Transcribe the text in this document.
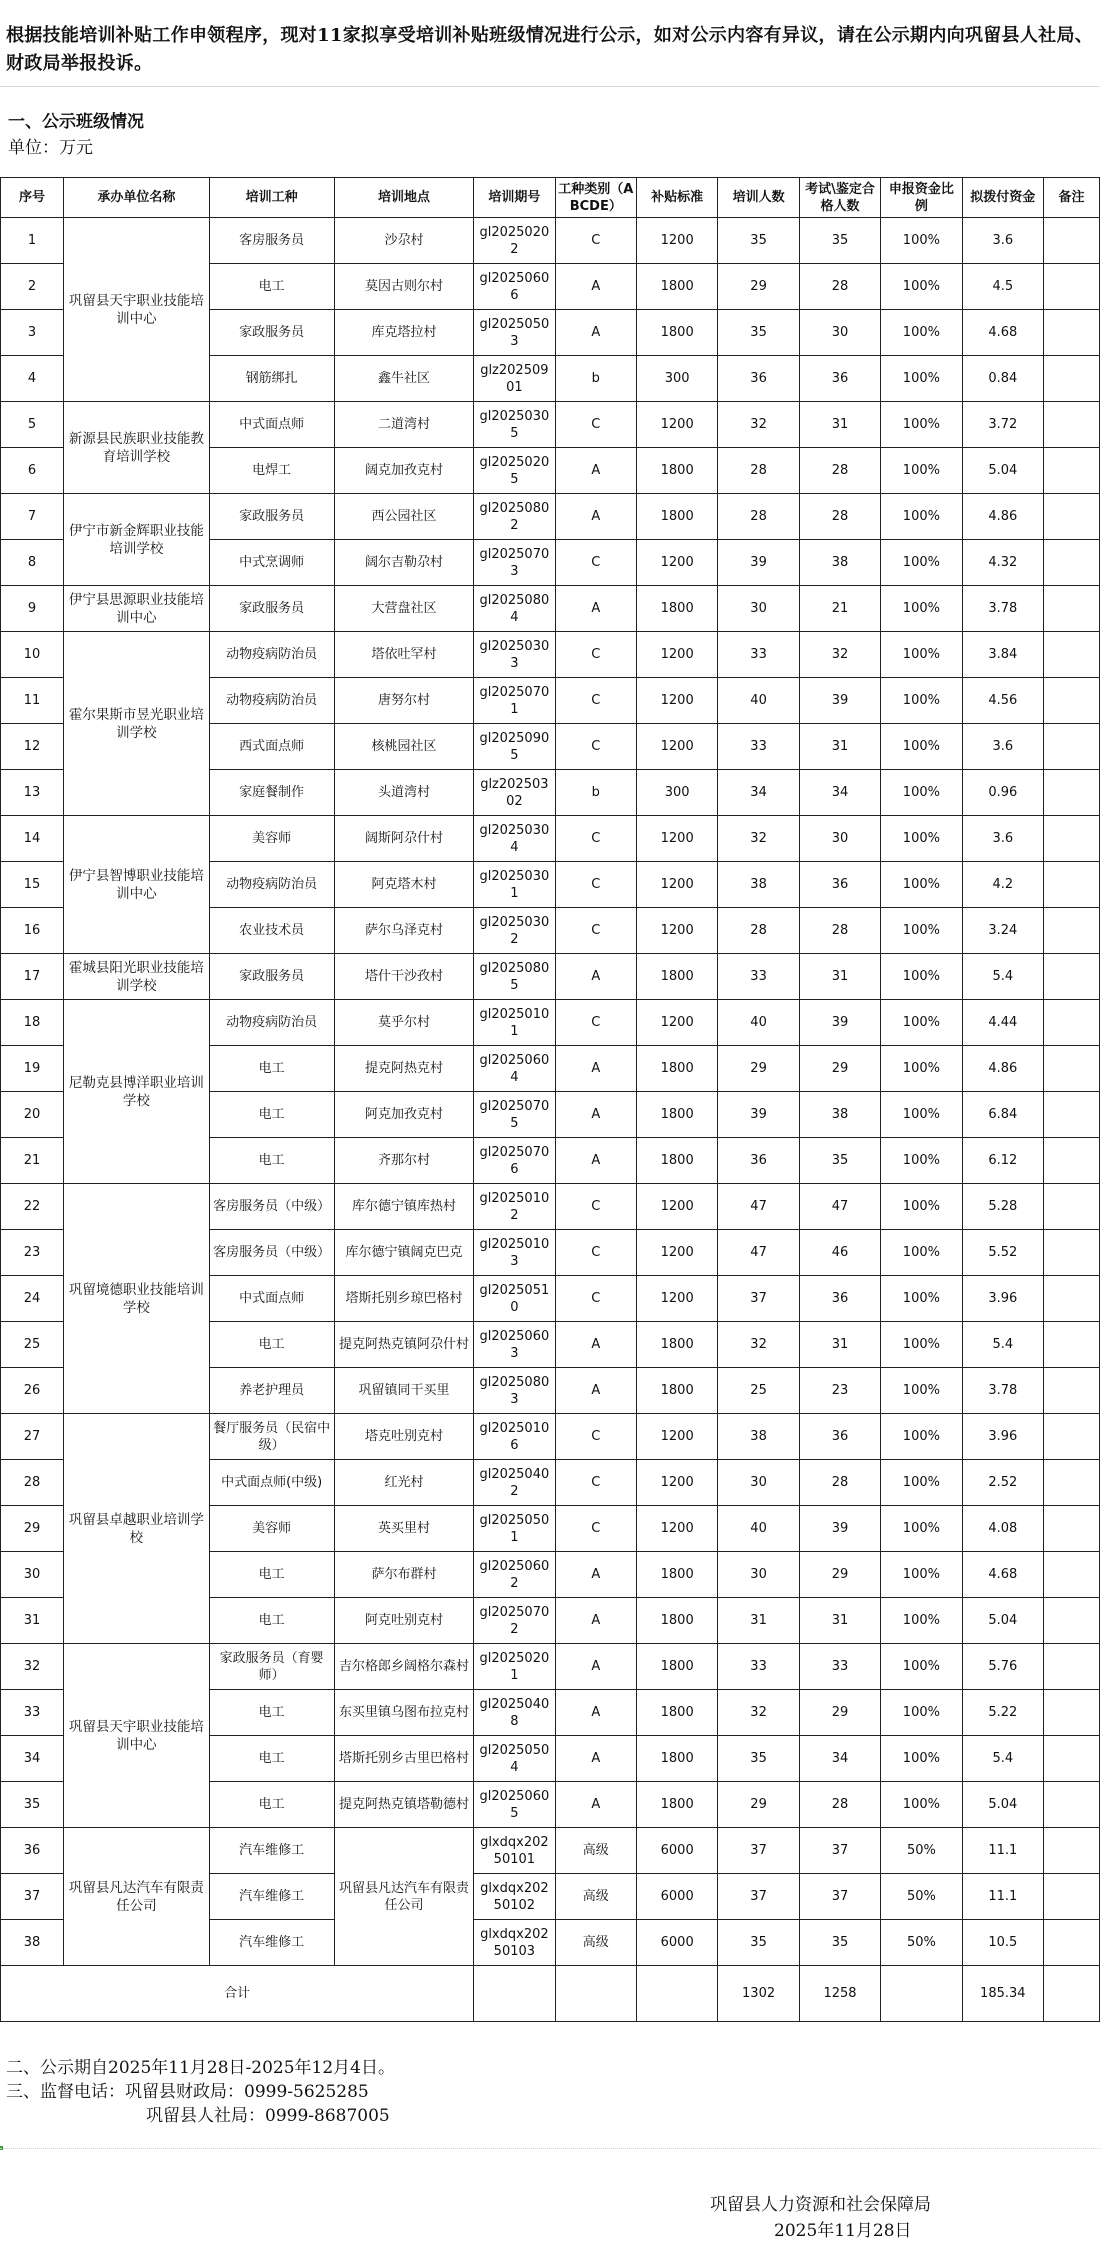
根据技能培训补贴工作申领程序，现对11家拟享受培训补贴班级情况进行公示，如对公示内容有异议，请在公示期内向巩留县人社局、财政局举报投诉。
一、公示班级情况
单位：万元
序号	承办单位名称	培训工种	培训地点	培训期号	工种类别（ABCDE）	补贴标准	培训人数	考试\鉴定合格人数	申报资金比例	拟拨付资金	备注
1	巩留县天宇职业技能培训中心	客房服务员	沙尕村	gl20250202	C	1200	35	35	100%	3.6	
2		电工	莫因古则尔村	gl20250606	A	1800	29	28	100%	4.5	
3		家政服务员	库克塔拉村	gl20250503	A	1800	35	30	100%	4.68	
4		钢筋绑扎	鑫牛社区	glz2025090​1	b	300	36	36	100%	0.84	
5	新源县民族职业技能教育培训学校	中式面点师	二道湾村	gl20250305	C	1200	32	31	100%	3.72	
6		电焊工	阔克加孜克村	gl20250205	A	1800	28	28	100%	5.04	
7	伊宁市新金辉职业技能培训学校	家政服务员	西公园社区	gl20250802	A	1800	28	28	100%	4.86	
8		中式烹调师	阔尔吉勒尕村	gl20250703	C	1200	39	38	100%	4.32	
9	伊宁县思源职业技能培训中心	家政服务员	大营盘社区	gl20250804	A	1800	30	21	100%	3.78	
10	霍尔果斯市昱光职业培训学校	动物疫病防治员	塔依吐罕村	gl20250303	C	1200	33	32	100%	3.84	
11		动物疫病防治员	唐努尔村	gl20250701	C	1200	40	39	100%	4.56	
12		西式面点师	核桃园社区	gl20250905	C	1200	33	31	100%	3.6	
13		家庭餐制作	头道湾村	glz2025030​2	b	300	34	34	100%	0.96	
14	伊宁县智博职业技能培训中心	美容师	阔斯阿尕什村	gl20250304	C	1200	32	30	100%	3.6	
15		动物疫病防治员	阿克塔木村	gl20250301	C	1200	38	36	100%	4.2	
16		农业技术员	萨尔乌泽克村	gl20250302	C	1200	28	28	100%	3.24	
17	霍城县阳光职业技能培训学校	家政服务员	塔什干沙孜村	gl20250805	A	1800	33	31	100%	5.4	
18	尼勒克县博洋职业培训学校	动物疫病防治员	莫乎尔村	gl20250101	C	1200	40	39	100%	4.44	
19		电工	提克阿热克村	gl20250604	A	1800	29	29	100%	4.86	
20		电工	阿克加孜克村	gl20250705	A	1800	39	38	100%	6.84	
21		电工	齐那尔村	gl20250706	A	1800	36	35	100%	6.12	
22	巩留境德职业技能培训学校	客房服务员（中级）	库尔德宁镇库热村	gl20250102	C	1200	47	47	100%	5.28	
23		客房服务员（中级）	库尔德宁镇阔克巴克	gl20250103	C	1200	47	46	100%	5.52	
24		中式面点师	塔斯托别乡琼巴格村	gl20250510	C	1200	37	36	100%	3.96	
25		电工	提克阿热克镇阿尕什村	gl20250603	A	1800	32	31	100%	5.4	
26		养老护理员	巩留镇同干买里	gl20250803	A	1800	25	23	100%	3.78	
27	巩留县卓越职业培训学校	餐厅服务员（民宿中级）	塔克吐別克村	gl20250106	C	1200	38	36	100%	3.96	
28		中式面点师(中级)	红光村	gl20250402	C	1200	30	28	100%	2.52	
29		美容师	英买里村	gl20250501	C	1200	40	39	100%	4.08	
30		电工	萨尔布群村	gl20250602	A	1800	30	29	100%	4.68	
31		电工	阿克吐别克村	gl20250702	A	1800	31	31	100%	5.04	
32	巩留县天宇职业技能培训中心	家政服务员（育婴师）	吉尔格郎乡阔格尔森村	gl20250201	A	1800	33	33	100%	5.76	
33		电工	东买里镇乌图布拉克村	gl20250408	A	1800	32	29	100%	5.22	
34		电工	塔斯托别乡古里巴格村	gl20250504	A	1800	35	34	100%	5.4	
35		电工	提克阿热克镇塔勒德村	gl20250605	A	1800	29	28	100%	5.04	
36	巩留县凡达汽车有限责任公司	汽车维修工	巩留县凡达汽车有限责任公司	glxdqx20250101	高级	6000	37	37	50%	11.1	
37		汽车维修工		glxdqx20250102	高级	6000	37	37	50%	11.1	
38		汽车维修工		glxdqx20250103	高级	6000	35	35	50%	10.5	
合计							1302	1258		185.34	
二、公示期自2025年11月28日-2025年12月4日。
三、监督电话：巩留县财政局：0999-5625285
巩留县人社局：0999-8687005
巩留县人力资源和社会保障局
2025年11月28日
